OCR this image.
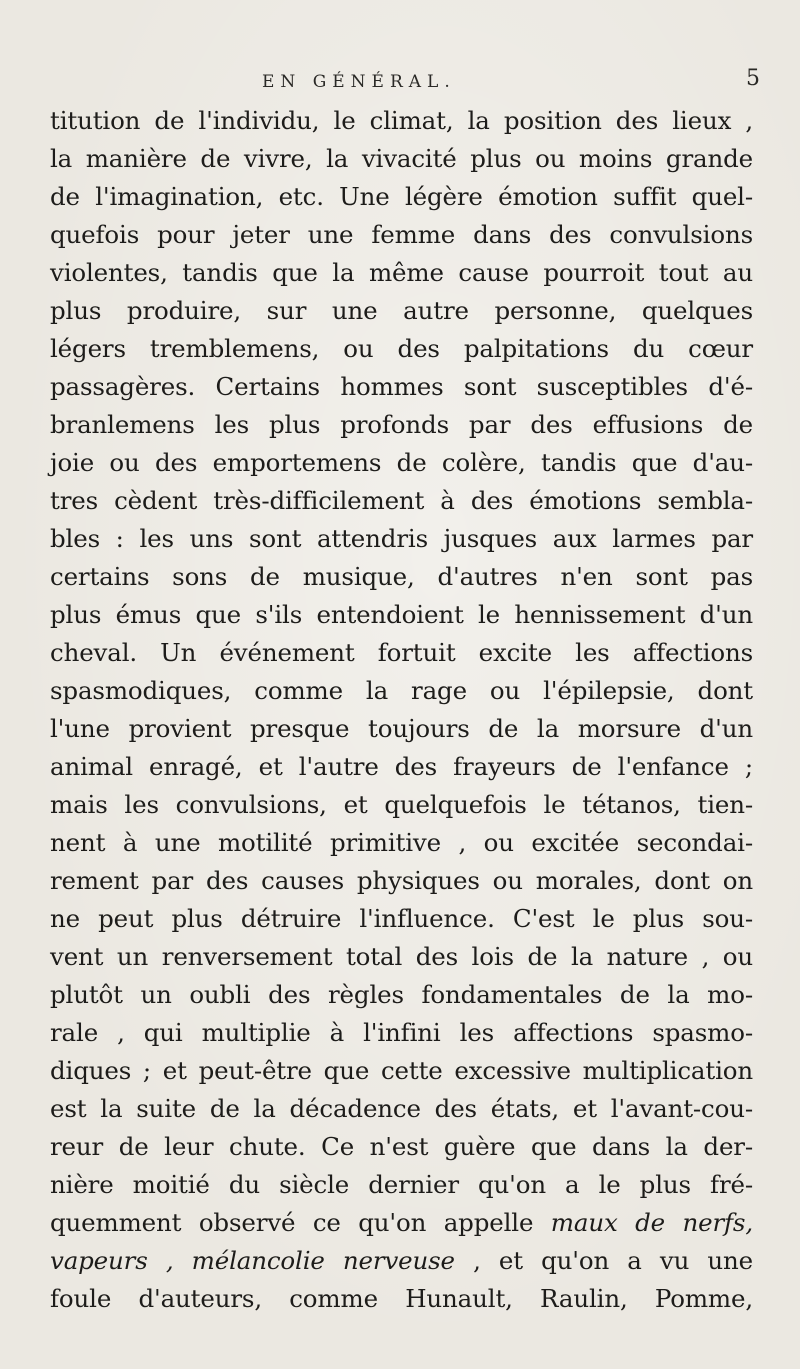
EN GÉNÉRAL.	5
titution de l'individu, le climat, la position des lieux ,
la manière de vivre, la vivacité plus ou moins grande
de l'imagination, etc. Une légère émotion suffit quel-
quefois pour jeter une femme dans des convulsions
violentes, tandis que la même cause pourroit tout au
plus produire, sur une autre personne, quelques
légers tremblemens, ou des palpitations du cœur
passagères. Certains hommes sont susceptibles d'é-
branlemens les plus profonds par des effusions de
joie ou des emportemens de colère, tandis que d'au-
tres cèdent très-difficilement à des émotions sembla-
bles : les uns sont attendris jusques aux larmes par
certains sons de musique, d'autres n'en sont pas
plus émus que s'ils entendoient le hennissement d'un
cheval. Un événement fortuit excite les affections
spasmodiques, comme la rage ou l'épilepsie, dont
l'une provient presque toujours de la morsure d'un
animal enragé, et l'autre des frayeurs de l'enfance ;
mais les convulsions, et quelquefois le tétanos, tien-
nent à une motilité primitive , ou excitée secondai-
rement par des causes physiques ou morales, dont on
ne peut plus détruire l'influence. C'est le plus sou-
vent un renversement total des lois de la nature , ou
plutôt un oubli des règles fondamentales de la mo-
rale , qui multiplie à l'infini les affections spasmo-
diques ; et peut-être que cette excessive multiplication
est la suite de la décadence des états, et l'avant-cou-
reur de leur chute. Ce n'est guère que dans la der-
nière moitié du siècle dernier qu'on a le plus fré-
quemment observé ce qu'on appelle maux de nerfs,
vapeurs , mélancolie nerveuse , et qu'on a vu une
foule d'auteurs, comme Hunault, Raulin, Pomme,
